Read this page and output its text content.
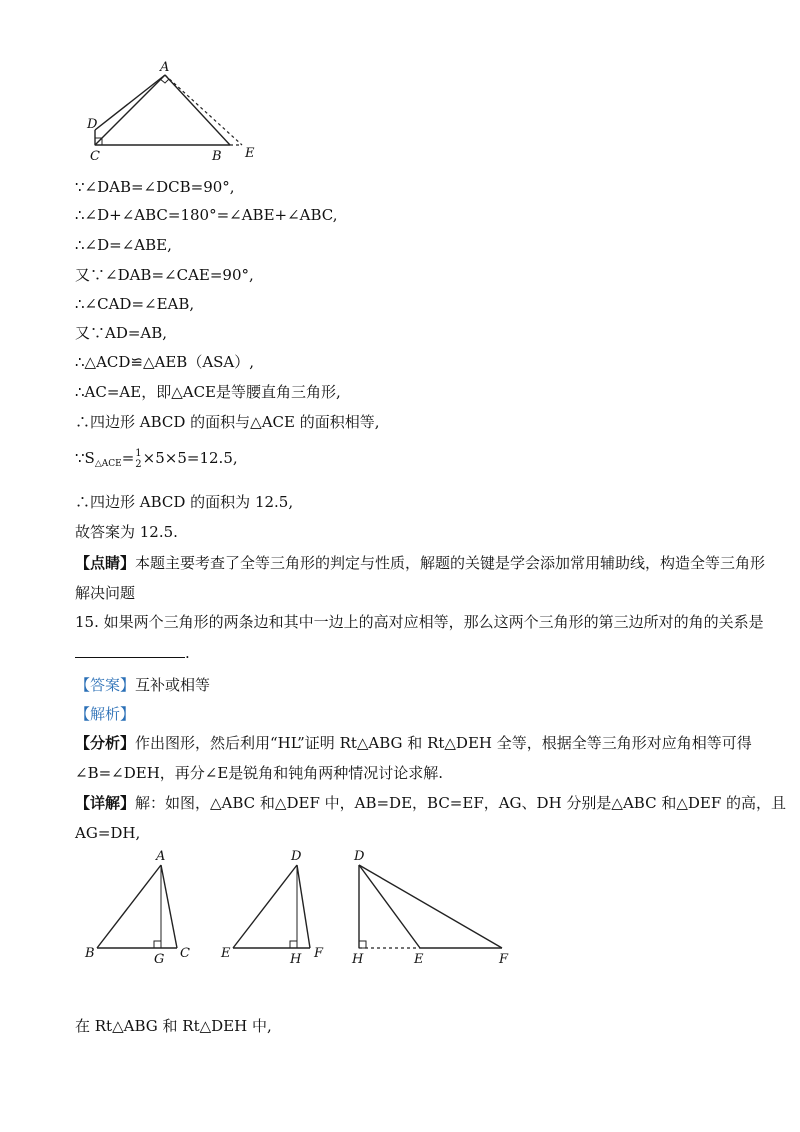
A
D
C	B E
∵∠DAB=∠DCB=90°,
∴∠D+∠ABC=180°=∠ABE+∠ABC,
∴∠D=∠ABE,
又∵∠DAB=∠CAE=90°,
∴∠CAD=∠EAB,
又∵AD=AB,
∴△ACD≌△AEB（ASA）,
∴AC=AE，即△ACE是等腰直角三角形,
∴四边形 ABCD 的面积与△ACE 的面积相等,
$\because S_{\triangle ACE}= 1$
2 ×5×5=12.5,
∴四边形 ABCD 的面积为 12.5,
故答案为 12.5.
【点睛】本题主要考查了全等三角形的判定与性质，解题的关键是学会添加常用辅助线，构造全等三角形
解决问题
15. 如果两个三角形的两条边和其中一边上的高对应相等，那么这两个三角形的第三边所对的角的关系是
.
【答案】互补或相等
【解析】
【分析】作出图形，然后利用“HL”证明 Rt△ABG 和 Rt△DEH 全等，根据全等三角形对应角相等可得
∠B=∠DEH，再分∠E是锐角和钝角两种情况讨论求解.
【详解】解：如图，△ABC 和△DEF 中，AB=DE，BC=EF，AG、DH 分别是△ABC 和△DEF 的高，且
AG=DH,
A
B	G C
D
E	H F
D
H	E	F
在 Rt△ABG 和 Rt△DEH 中,
